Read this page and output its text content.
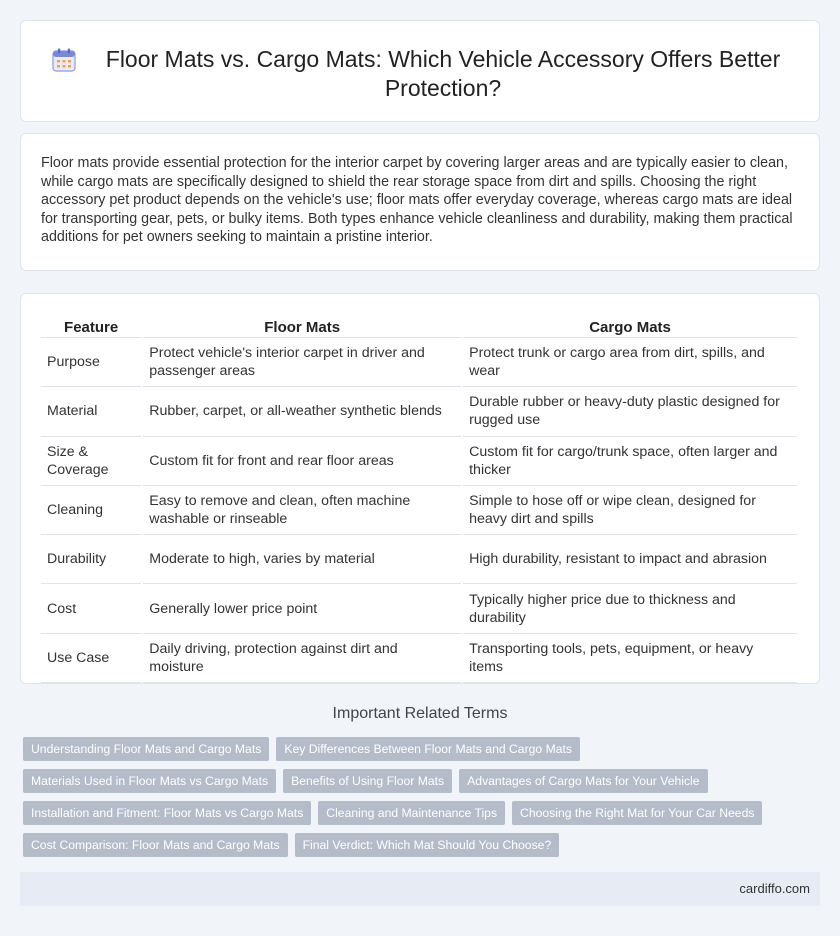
Floor Mats vs. Cargo Mats: Which Vehicle Accessory Offers Better Protection?

Floor mats provide essential protection for the interior carpet by covering larger areas and are typically easier to clean, while cargo mats are specifically designed to shield the rear storage space from dirt and spills. Choosing the right accessory pet product depends on the vehicle's use; floor mats offer everyday coverage, whereas cargo mats are ideal for transporting gear, pets, or bulky items. Both types enhance vehicle cleanliness and durability, making them practical additions for pet owners seeking to maintain a pristine interior.

Feature	Floor Mats	Cargo Mats
Purpose	Protect vehicle's interior carpet in driver and passenger areas	Protect trunk or cargo area from dirt, spills, and wear
Material	Rubber, carpet, or all-weather synthetic blends	Durable rubber or heavy-duty plastic designed for rugged use
Size & Coverage	Custom fit for front and rear floor areas	Custom fit for cargo/trunk space, often larger and thicker
Cleaning	Easy to remove and clean, often machine washable or rinseable	Simple to hose off or wipe clean, designed for heavy dirt and spills
Durability	Moderate to high, varies by material	High durability, resistant to impact and abrasion
Cost	Generally lower price point	Typically higher price due to thickness and durability
Use Case	Daily driving, protection against dirt and moisture	Transporting tools, pets, equipment, or heavy items
Important Related Terms
Understanding Floor Mats and Cargo Mats	Key Differences Between Floor Mats and Cargo Mats
Materials Used in Floor Mats vs Cargo Mats	Benefits of Using Floor Mats	Advantages of Cargo Mats for Your Vehicle
Installation and Fitment: Floor Mats vs Cargo Mats	Cleaning and Maintenance Tips	Choosing the Right Mat for Your Car Needs
Cost Comparison: Floor Mats and Cargo Mats	Final Verdict: Which Mat Should You Choose?
cardiffo.com
